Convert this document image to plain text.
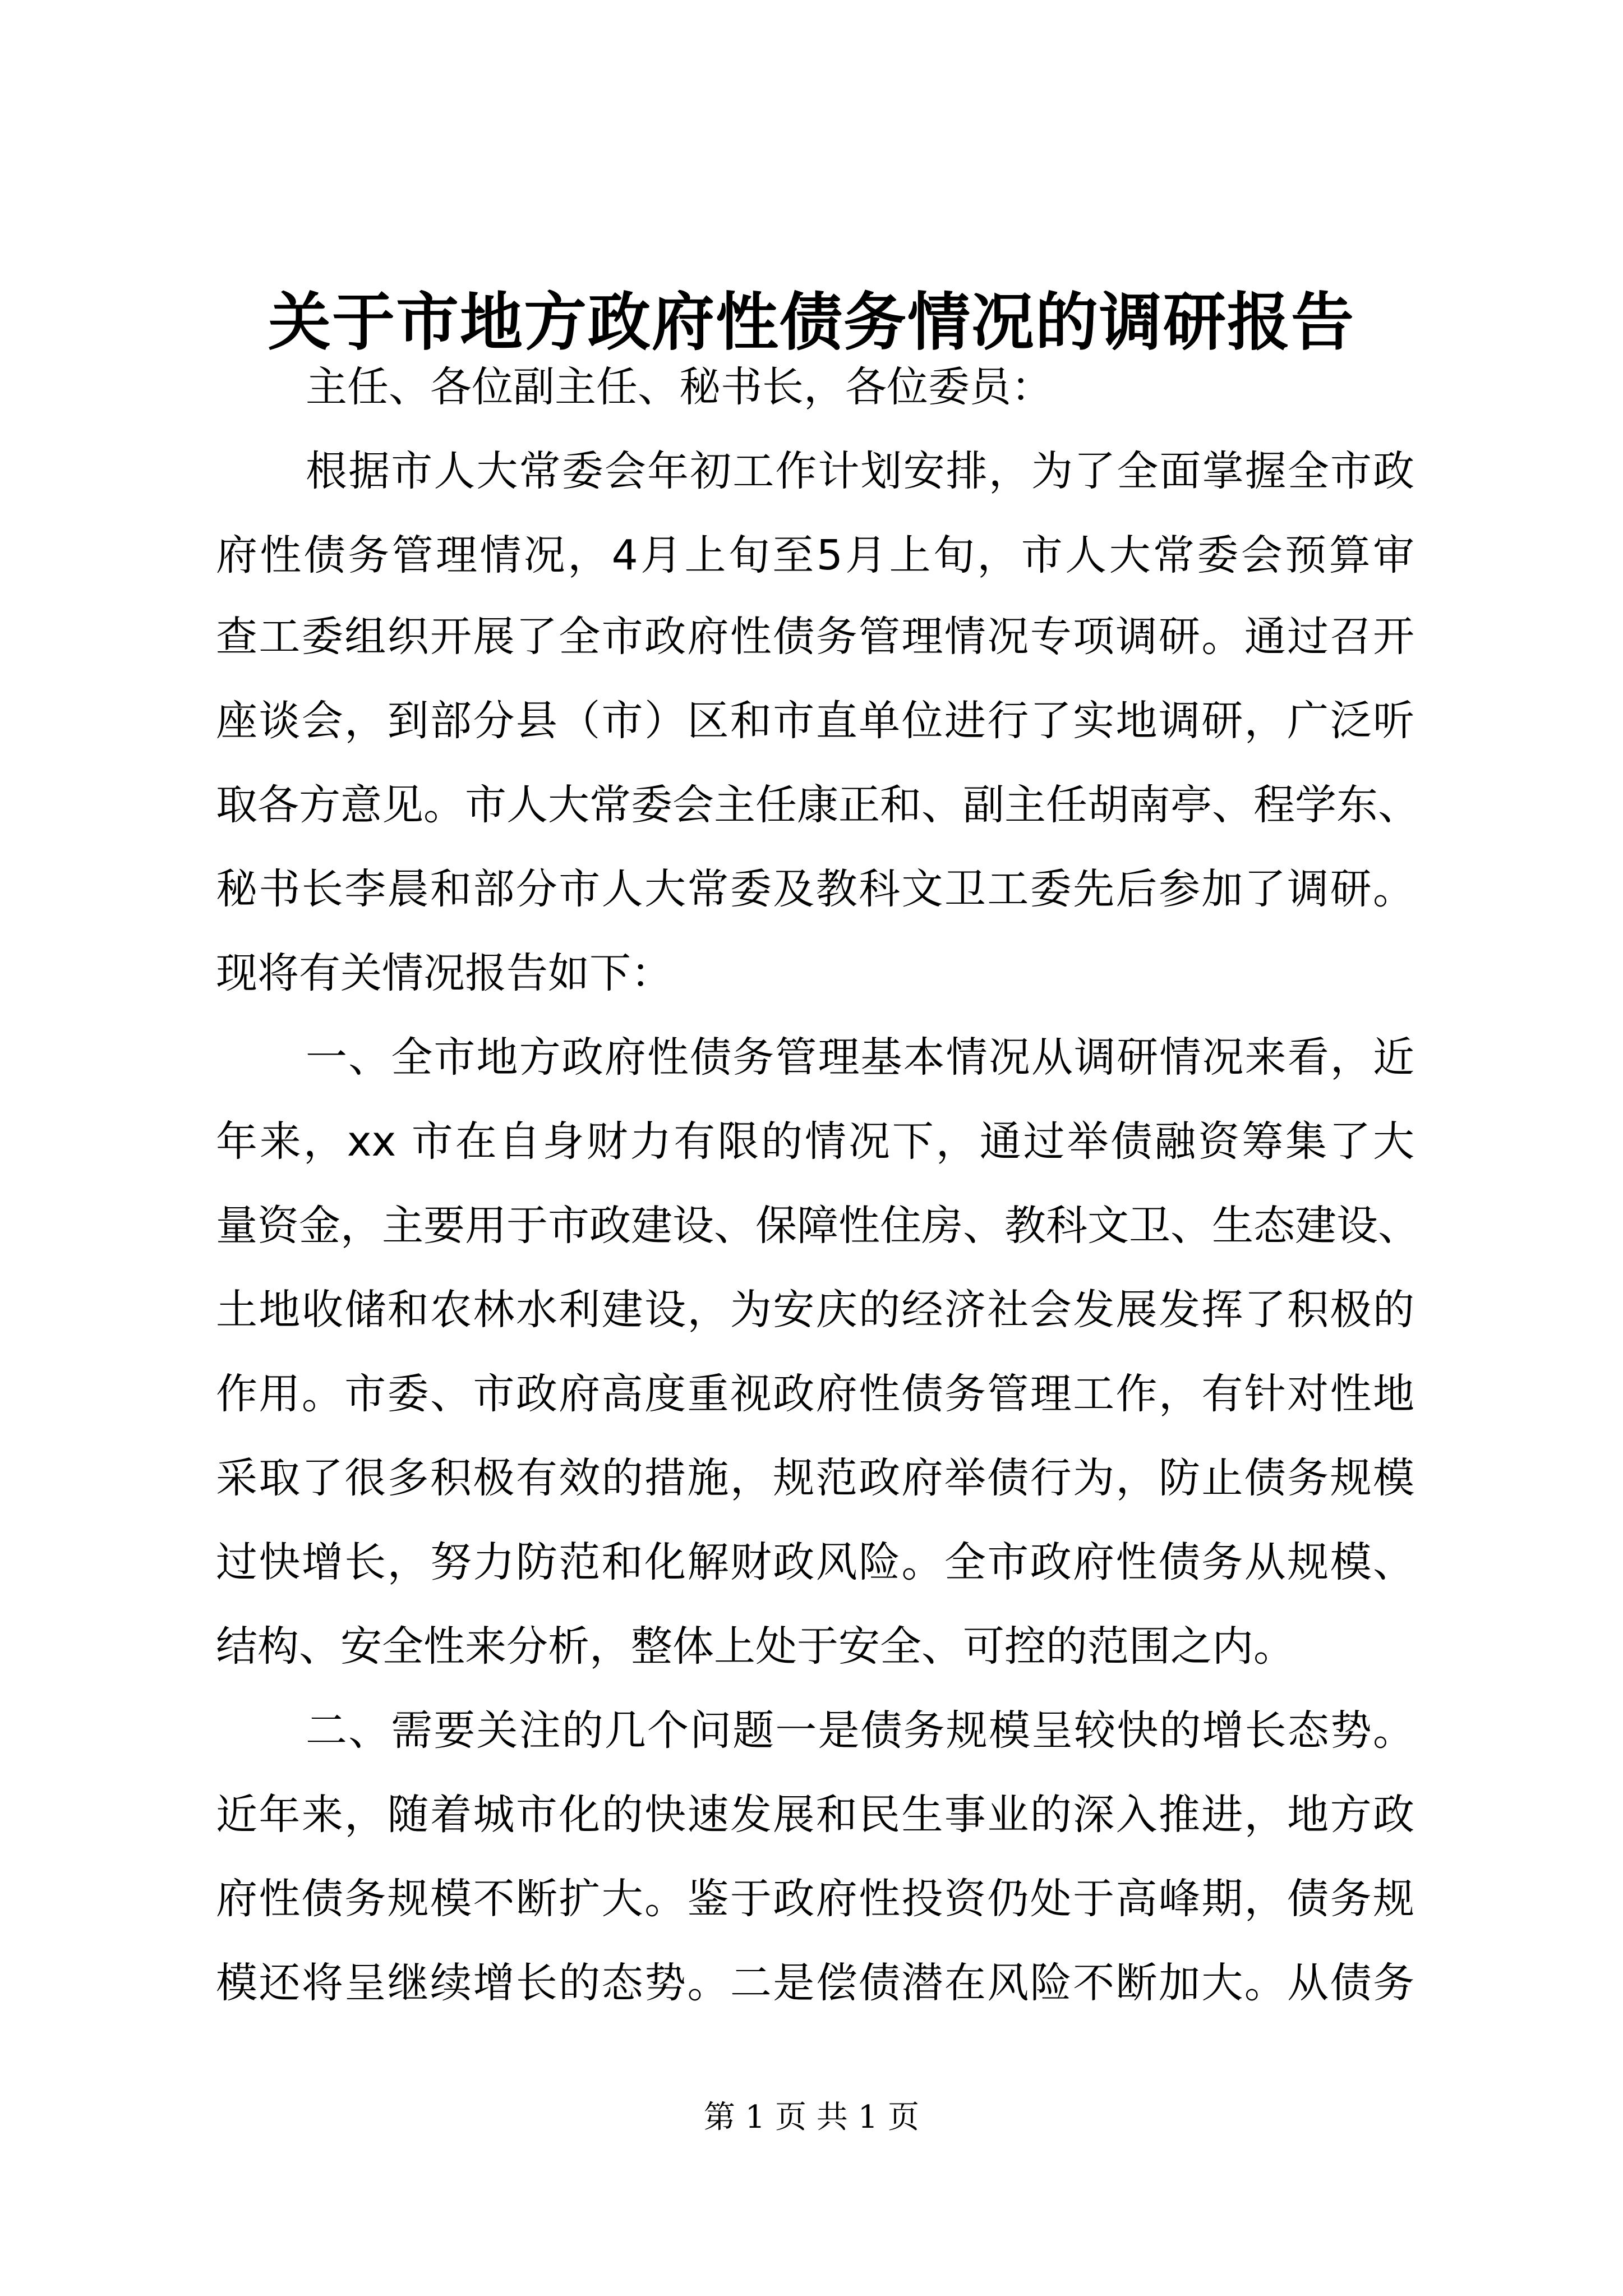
关于市地方政府性债务情况的调研报告
主任、各位副主任、秘书长，各位委员：
根据市人大常委会年初工作计划安排，为了全面掌握全市政
府性债务管理情况，4月上旬至5月上旬，市人大常委会预算审
查工委组织开展了全市政府性债务管理情况专项调研。通过召开
座谈会，到部分县（市）区和市直单位进行了实地调研，广泛听
取各方意见。市人大常委会主任康正和、副主任胡南亭、程学东、
秘书长李晨和部分市人大常委及教科文卫工委先后参加了调研。
现将有关情况报告如下：
一、全市地方政府性债务管理基本情况从调研情况来看，近
年来，xx 市在自身财力有限的情况下，通过举债融资筹集了大
量资金，主要用于市政建设、保障性住房、教科文卫、生态建设、
土地收储和农林水利建设，为安庆的经济社会发展发挥了积极的
作用。市委、市政府高度重视政府性债务管理工作，有针对性地
采取了很多积极有效的措施，规范政府举债行为，防止债务规模
过快增长，努力防范和化解财政风险。全市政府性债务从规模、
结构、安全性来分析，整体上处于安全、可控的范围之内。
二、需要关注的几个问题一是债务规模呈较快的增长态势。
近年来，随着城市化的快速发展和民生事业的深入推进，地方政
府性债务规模不断扩大。鉴于政府性投资仍处于高峰期，债务规
模还将呈继续增长的态势。二是偿债潜在风险不断加大。从债务
第 1 页 共 1 页
